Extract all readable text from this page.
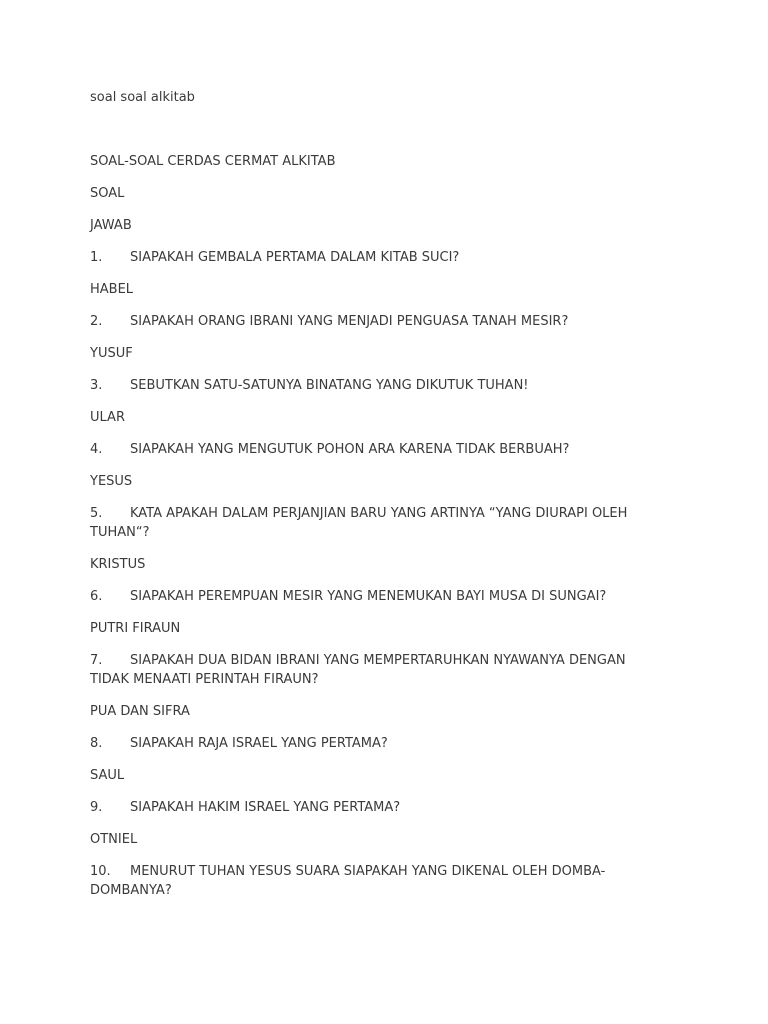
soal soal alkitab

SOAL-SOAL CERDAS CERMAT ALKITAB

SOAL

JAWAB

1. SIAPAKAH GEMBALA PERTAMA DALAM KITAB SUCI?

HABEL

2. SIAPAKAH ORANG IBRANI YANG MENJADI PENGUASA TANAH MESIR?

YUSUF

3. SEBUTKAN SATU-SATUNYA BINATANG YANG DIKUTUK TUHAN!

ULAR

4. SIAPAKAH YANG MENGUTUK POHON ARA KARENA TIDAK BERBUAH?

YESUS

5. KATA APAKAH DALAM PERJANJIAN BARU YANG ARTINYA “YANG DIURAPI OLEH TUHAN“?

KRISTUS

6. SIAPAKAH PEREMPUAN MESIR YANG MENEMUKAN BAYI MUSA DI SUNGAI?

PUTRI FIRAUN

7. SIAPAKAH DUA BIDAN IBRANI YANG MEMPERTARUHKAN NYAWANYA DENGAN TIDAK MENAATI PERINTAH FIRAUN?

PUA DAN SIFRA

8. SIAPAKAH RAJA ISRAEL YANG PERTAMA?

SAUL

9. SIAPAKAH HAKIM ISRAEL YANG PERTAMA?

OTNIEL

10. MENURUT TUHAN YESUS SUARA SIAPAKAH YANG DIKENAL OLEH DOMBA-DOMBANYA?
